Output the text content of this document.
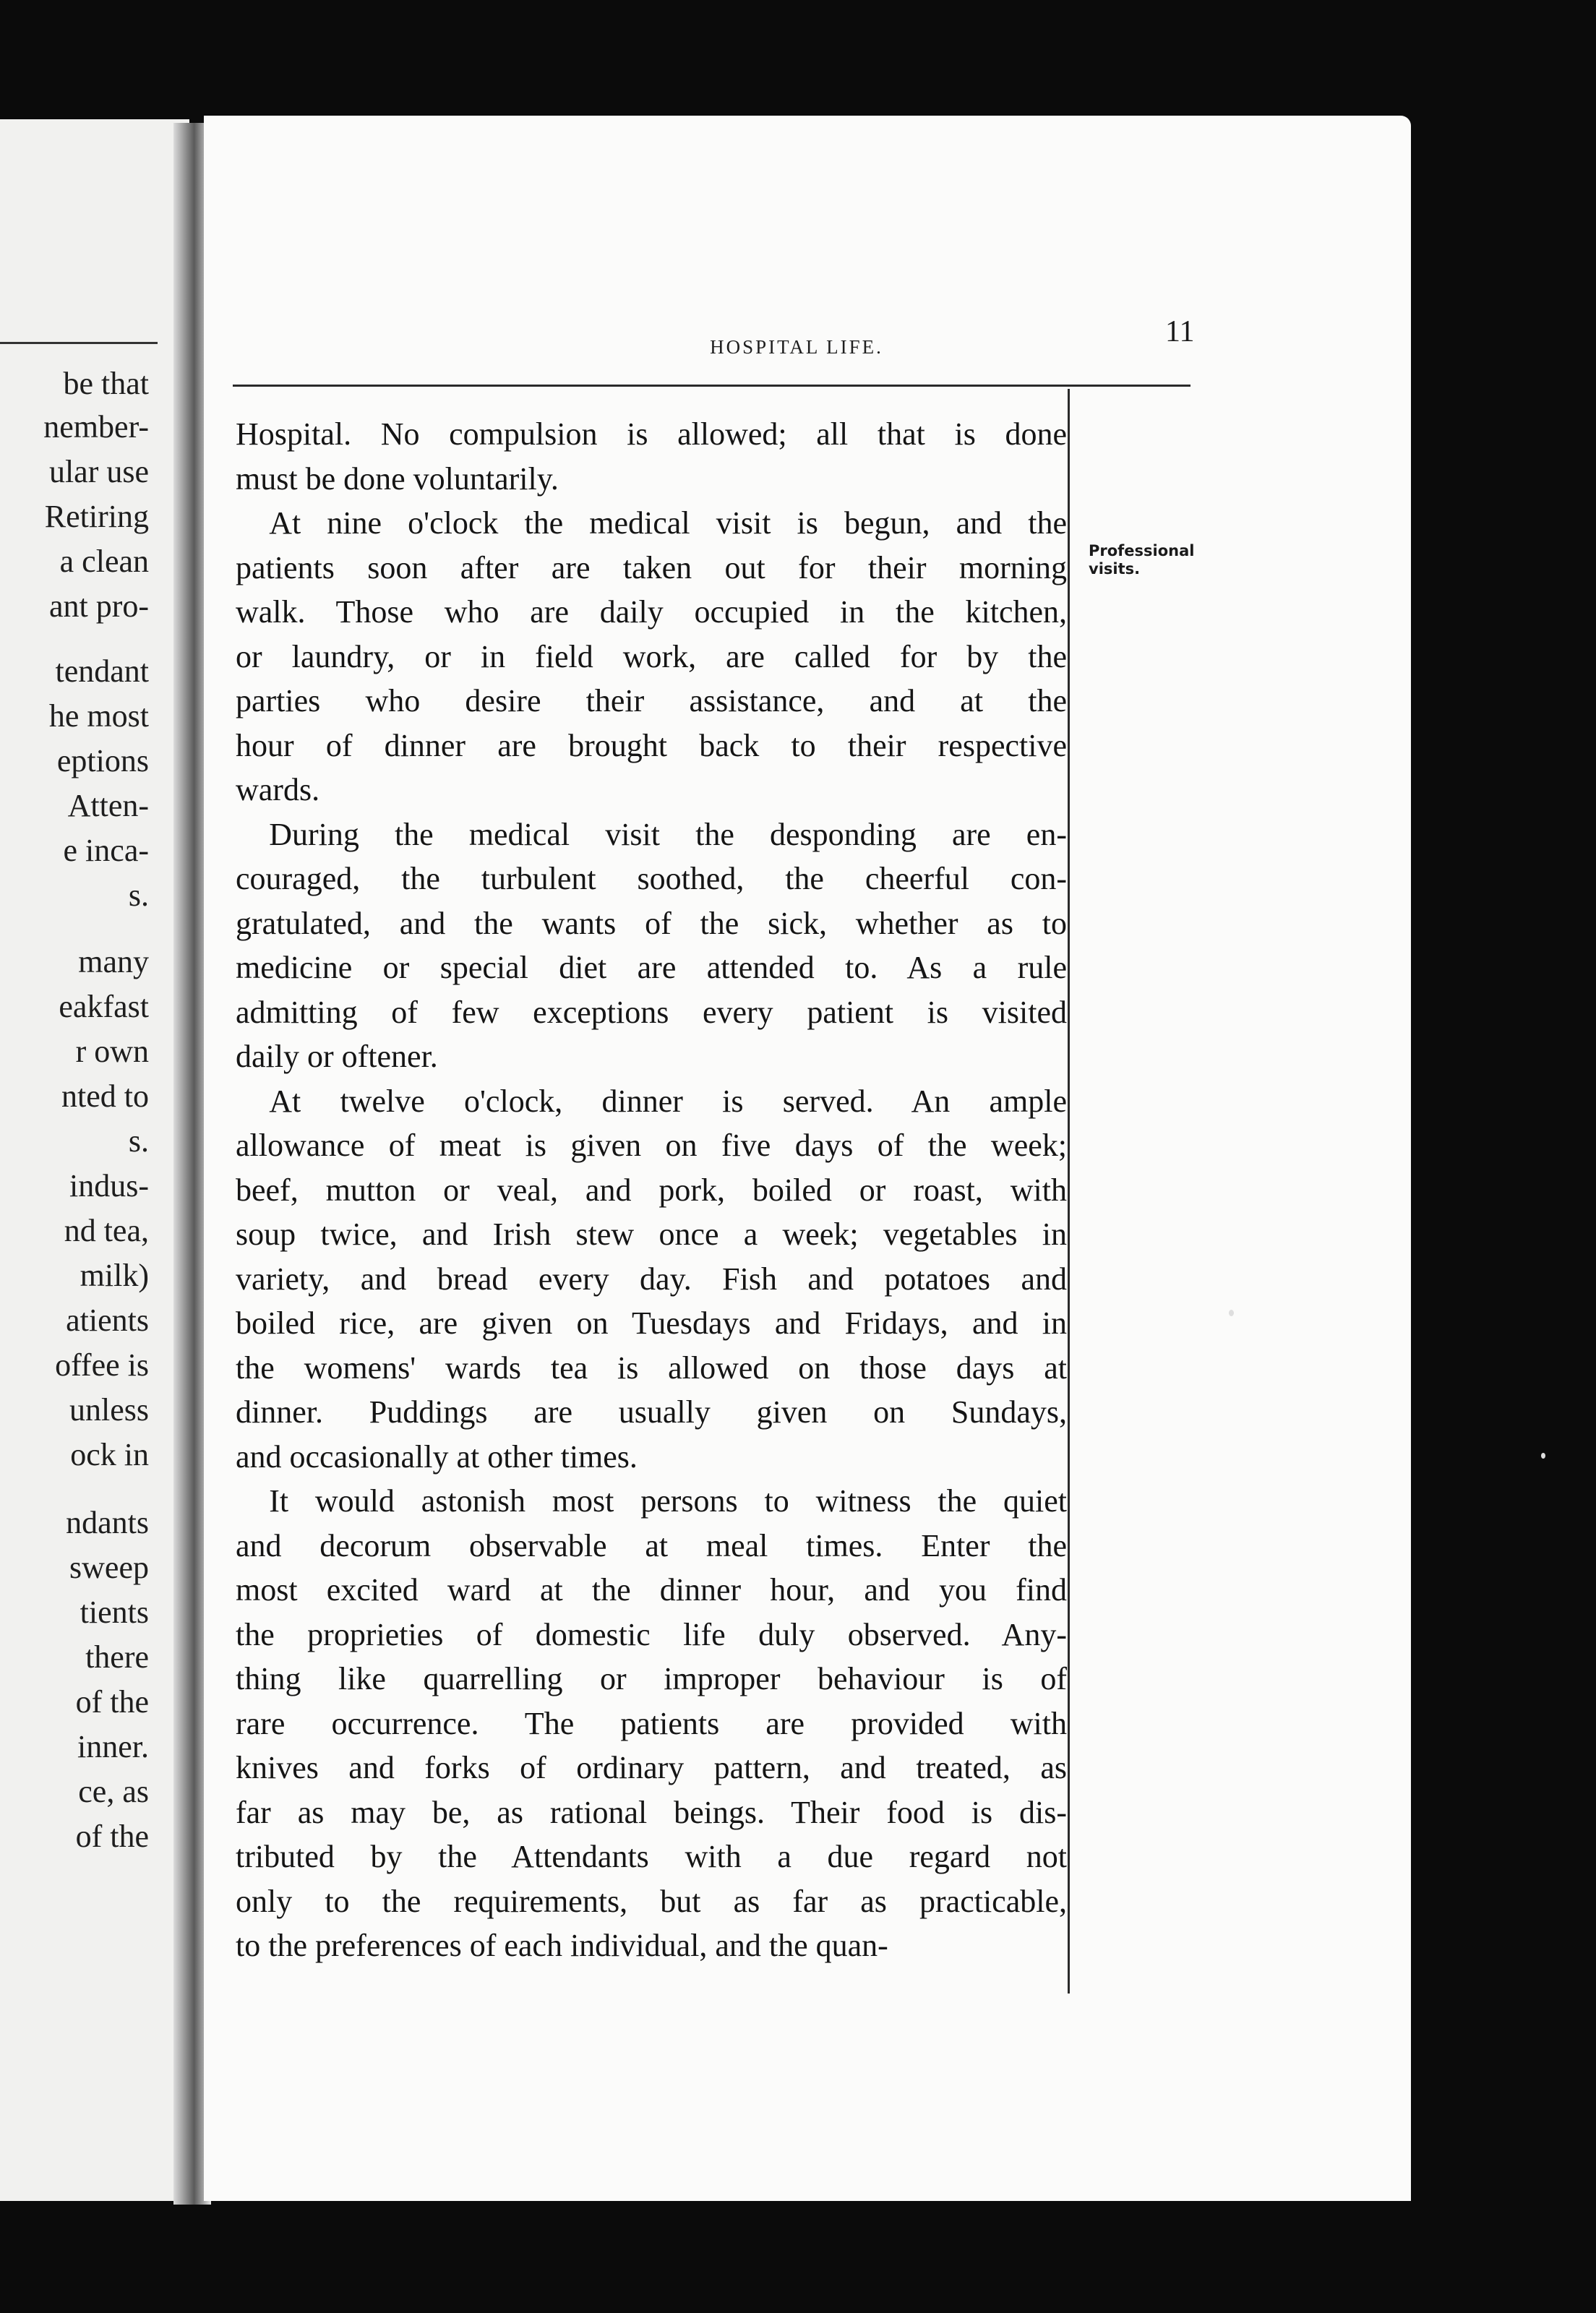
be that
nember-
ular use
Retiring
a clean
ant pro-
tendant
he most
eptions
Atten-
e inca-
s.
many
eakfast
r own
nted to
s.
indus-
nd tea,
milk)
atients
offee is
unless
ock in
ndants
sweep
tients
there
of the
inner.
ce, as
of the
HOSPITAL LIFE.	11
Professional
visits.

Hospital. No compulsion is allowed; all that is done
must be done voluntarily.

At nine o'clock the medical visit is begun, and the
patients soon after are taken out for their morning
walk. Those who are daily occupied in the kitchen,
or laundry, or in field work, are called for by the
parties who desire their assistance, and at the
hour of dinner are brought back to their respective
wards.

During the medical visit the desponding are en-
couraged, the turbulent soothed, the cheerful con-
gratulated, and the wants of the sick, whether as to
medicine or special diet are attended to. As a rule
admitting of few exceptions every patient is visited
daily or oftener.

At twelve o'clock, dinner is served. An ample
allowance of meat is given on five days of the week;
beef, mutton or veal, and pork, boiled or roast, with
soup twice, and Irish stew once a week; vegetables in
variety, and bread every day. Fish and potatoes and
boiled rice, are given on Tuesdays and Fridays, and in
the womens' wards tea is allowed on those days at
dinner. Puddings are usually given on Sundays,
and occasionally at other times.

It would astonish most persons to witness the quiet
and decorum observable at meal times. Enter the
most excited ward at the dinner hour, and you find
the proprieties of domestic life duly observed. Any-
thing like quarrelling or improper behaviour is of
rare occurrence. The patients are provided with
knives and forks of ordinary pattern, and treated, as
far as may be, as rational beings. Their food is dis-
tributed by the Attendants with a due regard not
only to the requirements, but as far as practicable,
to the preferences of each individual, and the quan-
